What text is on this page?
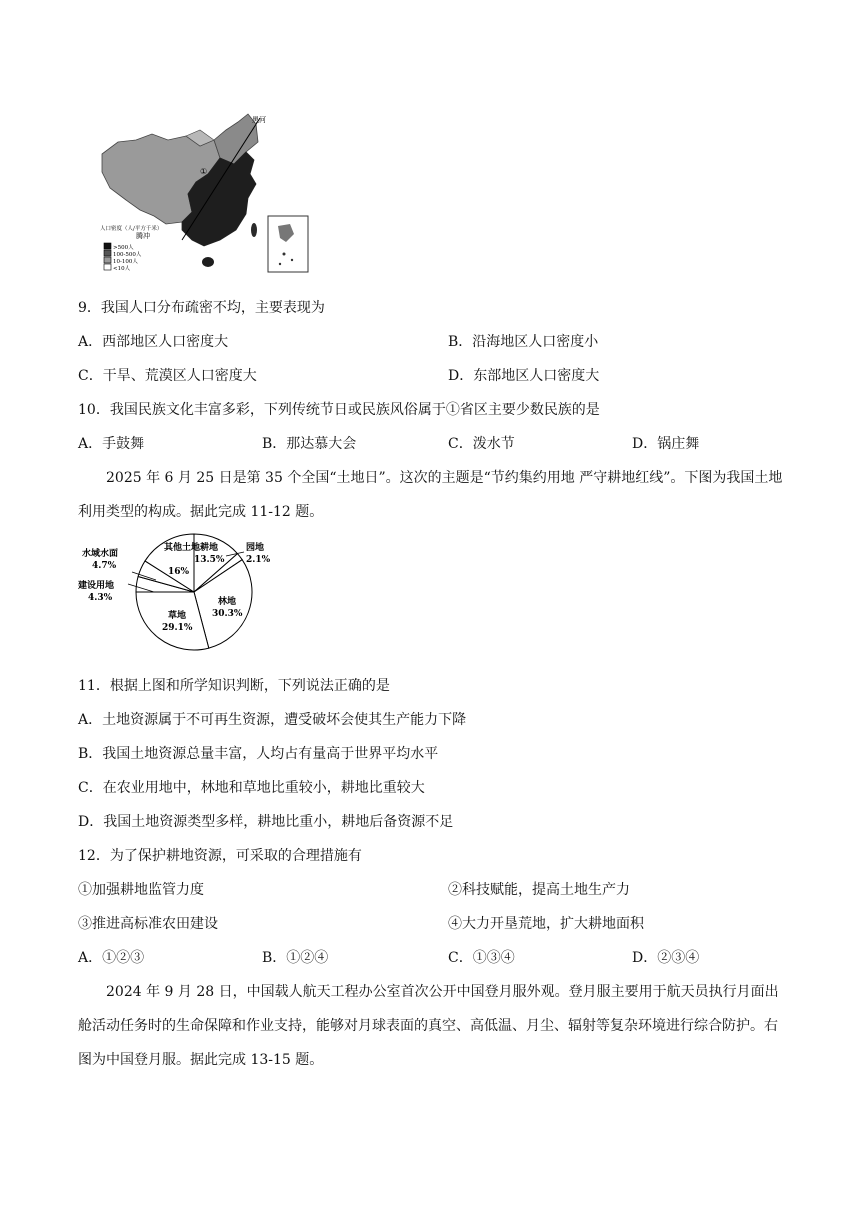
黑河
腾冲
①
人口密度（人/平方千米）
>500人
100-500人
10-100人
<10人
9．我国人口分布疏密不均，主要表现为
A．西部地区人口密度大	B．沿海地区人口密度小
C．干旱、荒漠区人口密度大	D．东部地区人口密度大
10．我国民族文化丰富多彩，下列传统节日或民族风俗属于①省区主要少数民族的是
A．手鼓舞	B．那达慕大会	C．泼水节	D．锅庄舞
2025 年 6 月 25 日是第 35 个全国“土地日”。这次的主题是“节约集约用地 严守耕地红线”。下图为我国土地利用类型的构成。据此完成 11-12 题。
其他土地
16%
耕地
13.5%
园地
2.1%
林地
30.3%
草地
29.1%
水域水面
4.7%
建设用地
4.3%
11．根据上图和所学知识判断，下列说法正确的是
A．土地资源属于不可再生资源，遭受破坏会使其生产能力下降
B．我国土地资源总量丰富，人均占有量高于世界平均水平
C．在农业用地中，林地和草地比重较小，耕地比重较大
D．我国土地资源类型多样，耕地比重小，耕地后备资源不足
12．为了保护耕地资源，可采取的合理措施有
①加强耕地监管力度	②科技赋能，提高土地生产力
③推进高标准农田建设	④大力开垦荒地，扩大耕地面积
A．①②③	B．①②④	C．①③④	D．②③④
2024 年 9 月 28 日，中国载人航天工程办公室首次公开中国登月服外观。登月服主要用于航天员执行月面出舱活动任务时的生命保障和作业支持，能够对月球表面的真空、高低温、月尘、辐射等复杂环境进行综合防护。右图为中国登月服。据此完成 13-15 题。
